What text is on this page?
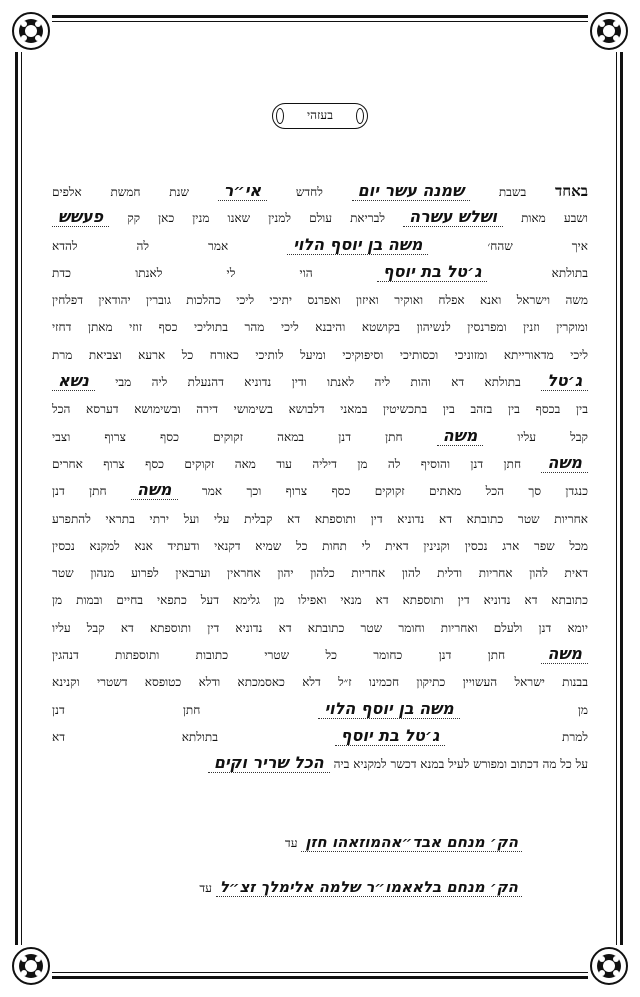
בעזהי
באחד בשבת שמנה עשר יום לחדש אי״ר שנת חמשת אלפים
ושבע מאות ושלש עשרה לבריאת עולם למנין שאנו מנין כאן קק פעשש
איך שהח׳ משה בן יוסף הלוי אמר לה להדא
בתולתא ג׳טל בת יוסף הוי לי לאנתו כדת
משה וישראל ואנא אפלח ואוקיר ואיזון ואפרנס יתיכי ליכי כהלכות גוברין יהודאין דפלחין
ומוקרין וזנין ומפרנסין לנשיהון בקושטא והיבנא ליכי מהר בתוליכי כסף זוזי מאתן דחזי
ליכי מדאורייתא ומזוניכי וכסותיכי וסיפוקיכי ומיעל לותיכי כאורח כל ארעא וצביאת מרת
ג׳טל בתולתא דא והות ליה לאנתו ודין נדוניא דהנעלת ליה מבי נשא
בין בכסף בין בזהב בין בתכשיטין במאני דלבושא בשימושי דירה ובשימושא דערסא הכל
קבל עליו משה חתן דנן במאה זקוקים כסף צרוף וצבי
משה חתן דנן והוסיף לה מן דיליה עוד מאה זקוקים כסף צרוף אחרים
כנגדן סך הכל מאתים זקוקים כסף צרוף וכך אמר משה חתן דנן
אחריות שטר כתובתא דא נדוניא דין ותוספתא דא קבלית עלי ועל ירתי בתראי להתפרע
מכל שפר ארג נכסין וקנינין דאית לי תחות כל שמיא דקנאי ודעתיד אנא למקנא נכסין
דאית להון אחריות ודלית להון אחריות כלהון יהון אחראין וערבאין לפרוע מנהון שטר
כתובתא דא נדוניא דין ותוספתא דא מנאי ואפילו מן גלימא דעל כתפאי בחיים ובמות מן
יומא דנן ולעלם ואחריות וחומר שטר כתובתא דא נדוניא דין ותוספתא דא קבל עליו
משה חתן דנן כחומר כל שטרי כתובות ותוספתות דנהגין
בבנות ישראל העשויין כתיקון חכמינו ז״ל דלא כאסמכתא ודלא כטופסא דשטרי וקנינא
מן משה בן יוסף הלוי חתן דנן
למרת ג׳טל בת יוסף בתולתא דא
על כל מה דכתוב ומפורש לעיל במנא דכשר למקניא ביה הכל שריר וקים
הק׳ מנחם אבד״אהמוזאהו חזן עד
הק׳ מנחם בלאאמו״ר שלמה אלימלך זצ״ל עד
